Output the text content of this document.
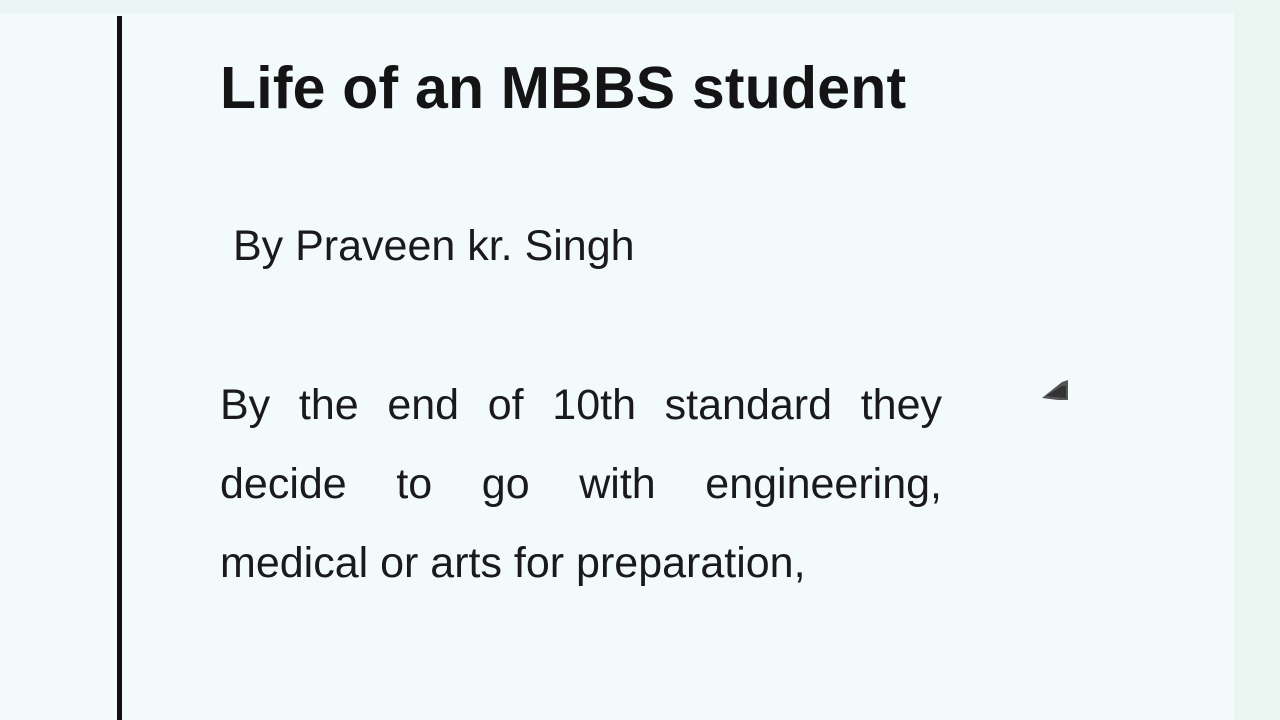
Life of an MBBS student

By Praveen kr. Singh

By the end of 10th standard they
decide to go with engineering,
medical or arts for preparation,
